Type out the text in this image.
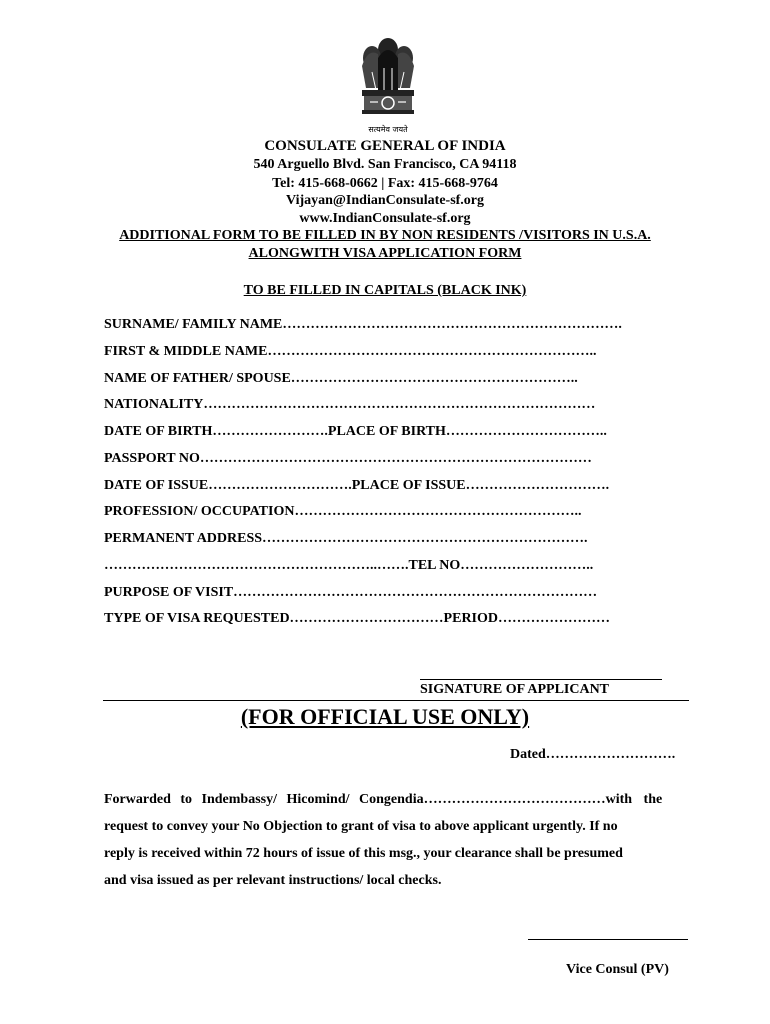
सत्यमेव जयते
CONSULATE GENERAL OF INDIA
540 Arguello Blvd. San Francisco, CA 94118
Tel: 415-668-0662 | Fax: 415-668-9764
Vijayan@IndianConsulate-sf.org
www.IndianConsulate-sf.org
ADDITIONAL FORM TO BE FILLED IN BY NON RESIDENTS /VISITORS IN U.S.A.
ALONGWITH VISA APPLICATION FORM
TO BE FILLED IN CAPITALS (BLACK INK)
SURNAME/ FAMILY NAME……………………………………………………………….
FIRST & MIDDLE NAME……………………………………………………………..
NAME OF FATHER/ SPOUSE……………………………………………………..
NATIONALITY…………………………………………………………………………
DATE OF BIRTH…………………….PLACE OF BIRTH……………………………..
PASSPORT NO…………………………………………………………………………
DATE OF ISSUE………………………….PLACE OF ISSUE………………………….
PROFESSION/ OCCUPATION……………………………………………………..
PERMANENT ADDRESS…………………………………………………………….
…………………………………………………..…….TEL NO………………………..
PURPOSE OF VISIT……………………………………………………………………
TYPE OF VISA REQUESTED……………………………PERIOD……………………
SIGNATURE OF APPLICANT
(FOR OFFICIAL USE ONLY)
Dated……………………….
Forwarded to Indembassy/ Hicomind/ Congendia…………………………………with the
request to convey your No Objection to grant of visa to above applicant urgently. If no
reply is received within 72 hours of issue of this msg., your clearance shall be presumed
and visa issued as per relevant instructions/ local checks.
Vice Consul (PV)
